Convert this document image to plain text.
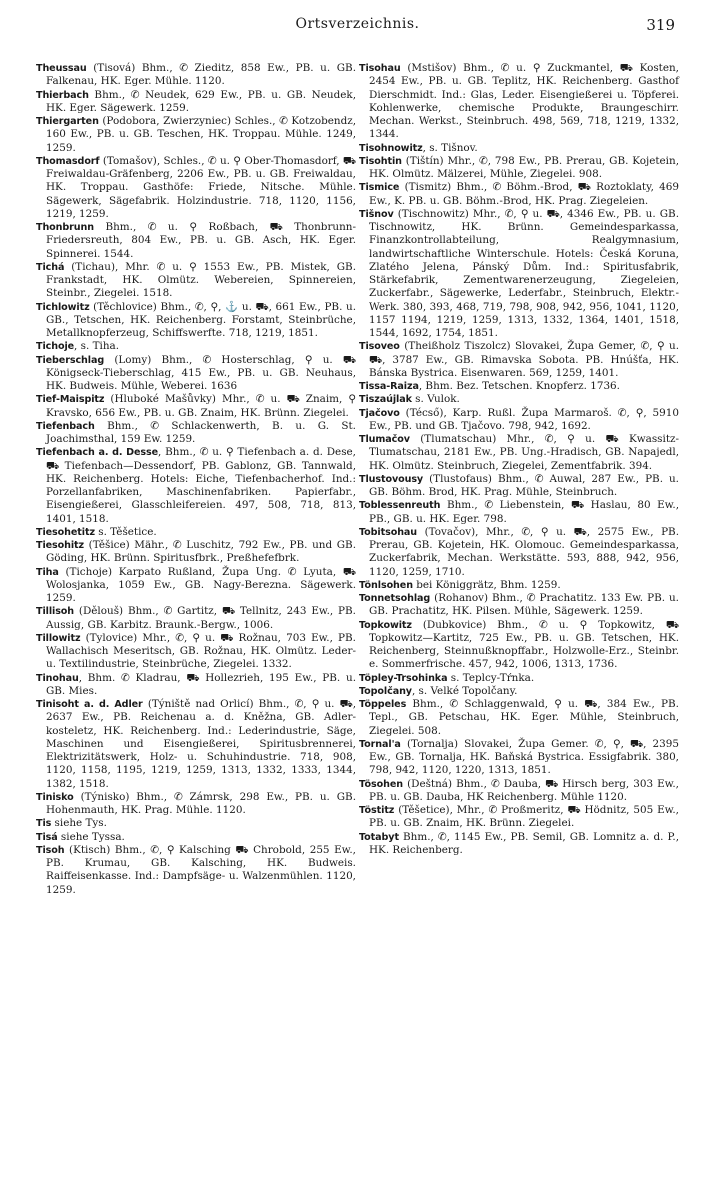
Ortsverzeichnis.	319

Theussau (Tisová) Bhm., ✆ Zieditz, 858 Ew., PB. u. GB. Falkenau, HK. Eger. Mühle. 1120.

Thierbach Bhm., ✆ Neudek, 629 Ew., PB. u. GB. Neudek, HK. Eger. Sägewerk. 1259.

Thiergarten (Podobora, Zwierzyniec) Schles., ✆ Kotzobendz, 160 Ew., PB. u. GB. Teschen, HK. Troppau. Mühle. 1249, 1259.

Thomasdorf (Tomašov), Schles., ✆ u. ⚲ Ober-Thomasdorf, ⛟ Freiwaldau-Gräfenberg, 2206 Ew., PB. u. GB. Freiwaldau, HK. Troppau. Gasthöfe: Friede, Nitsche. Mühle. Sägewerk, Sägefabrik. Holzindustrie. 718, 1120, 1156, 1219, 1259.

Thonbrunn Bhm., ✆ u. ⚲ Roßbach, ⛟ Thonbrunn-Friedersreuth, 804 Ew., PB. u. GB. Asch, HK. Eger. Spinnerei. 1544.

Tichá (Tichau), Mhr. ✆ u. ⚲ 1553 Ew., PB. Mistek, GB. Frankstadt, HK. Olmütz. Webereien, Spinnereien, Steinbr., Ziegelei. 1518.

Tichlowitz (Těchlovice) Bhm., ✆, ⚲, ⚓ u. ⛟, 661 Ew., PB. u. GB., Tetschen, HK. Reichenberg. Forstamt, Steinbrüche, Metallknopferzeug, Schiffswerfte. 718, 1219, 1851.

Tichoje, s. Tiha.

Tieberschlag (Lomy) Bhm., ✆ Hosterschlag, ⚲ u. ⛟ Königseck-Tieberschlag, 415 Ew., PB. u. GB. Neuhaus, HK. Budweis. Mühle, Weberei. 1636

Tief-Maispitz (Hluboké Mašůvky) Mhr., ✆ u. ⛟ Znaim, ⚲ Kravsko, 656 Ew., PB. u. GB. Znaim, HK. Brünn. Ziegelei.

Tiefenbach Bhm., ✆ Schlackenwerth, B. u. G. St. Joachimsthal, 159 Ew. 1259.

Tiefenbach a. d. Desse, Bhm., ✆ u. ⚲ Tiefenbach a. d. Dese, ⛟ Tiefenbach—Dessendorf, PB. Gablonz, GB. Tannwald, HK. Reichenberg. Hotels: Eiche, Tiefenbacherhof. Ind.: Porzellanfabriken, Maschinenfabriken. Papierfabr., Eisengießerei, Glasschleifereien. 497, 508, 718, 813, 1401, 1518.

Tiesohetitz s. Těšetice.

Tiesohitz (Těšice) Mähr., ✆ Luschitz, 792 Ew., PB. und GB. Göding, HK. Brünn. Spiritusfbrk., Preßhefefbrk.

Tiha (Tichoje) Karpato Rußland, Župa Ung. ✆ Lyuta, ⛟ Wolosjanka, 1059 Ew., GB. Nagy-Berezna. Sägewerk. 1259.

Tillisoh (Dělouš) Bhm., ✆ Gartitz, ⛟ Tellnitz, 243 Ew., PB. Aussig, GB. Karbitz. Braunk.-Bergw., 1006.

Tillowitz (Tylovice) Mhr., ✆, ⚲ u. ⛟ Rožnau, 703 Ew., PB. Wallachisch Meseritsch, GB. Rožnau, HK. Olmütz. Leder- u. Textilindustrie, Steinbrüche, Ziegelei. 1332.

Tinohau, Bhm. ✆ Kladrau, ⛟ Hollezrieh, 195 Ew., PB. u. GB. Mies.

Tinisoht a. d. Adler (Týniště nad Orlicí) Bhm., ✆, ⚲ u. ⛟, 2637 Ew., PB. Reichenau a. d. Kněžna, GB. Adler-kosteletz, HK. Reichenberg. Ind.: Lederindustrie, Säge, Maschinen und Eisengießerei, Spiritusbrennerei, Elektrizitätswerk, Holz- u. Schuhindustrie. 718, 908, 1120, 1158, 1195, 1219, 1259, 1313, 1332, 1333, 1344, 1382, 1518.

Tinisko (Týnisko) Bhm., ✆ Zámrsk, 298 Ew., PB. u. GB. Hohenmauth, HK. Prag. Mühle. 1120.

Tis siehe Tys.

Tisá siehe Tyssa.

Tisoh (Ktisch) Bhm., ✆, ⚲ Kalsching ⛟ Chrobold, 255 Ew., PB. Krumau, GB. Kalsching, HK. Budweis. Raiffeisenkasse. Ind.: Dampfsäge- u. Walzenmühlen. 1120, 1259.

Tisohau (Mstišov) Bhm., ✆ u. ⚲ Zuckmantel, ⛟ Kosten, 2454 Ew., PB. u. GB. Teplitz, HK. Reichenberg. Gasthof Dierschmidt. Ind.: Glas, Leder. Eisengießerei u. Töpferei. Kohlenwerke, chemische Produkte, Braungeschirr. Mechan. Werkst., Steinbruch. 498, 569, 718, 1219, 1332, 1344.

Tisohnowitz, s. Tišnov.

Tisohtin (Tištín) Mhr., ✆, 798 Ew., PB. Prerau, GB. Kojetein, HK. Olmütz. Mälzerei, Mühle, Ziegelei. 908.

Tismice (Tismitz) Bhm., ✆ Böhm.-Brod, ⛟ Roztoklaty, 469 Ew., K. PB. u. GB. Böhm.-Brod, HK. Prag. Ziegeleien.

Tišnov (Tischnowitz) Mhr., ✆, ⚲ u. ⛟, 4346 Ew., PB. u. GB. Tischnowitz, HK. Brünn. Gemeindesparkassa, Finanzkontrollabteilung, Realgymnasium, landwirtschaftliche Winterschule. Hotels: Česká Koruna, Zlatého Jelena, Pánský Dům. Ind.: Spiritusfabrik, Stärkefabrik, Zementwarenerzeugung, Ziegeleien, Zuckerfabr., Sägewerke, Lederfabr., Steinbruch, Elektr.-Werk. 380, 393, 468, 719, 798, 908, 942, 956, 1041, 1120, 1157 1194, 1219, 1259, 1313, 1332, 1364, 1401, 1518, 1544, 1692, 1754, 1851.

Tisoveo (Theißholz Tiszolcz) Slovakei, Župa Gemer, ✆, ⚲ u. ⛟, 3787 Ew., GB. Rimavska Sobota. PB. Hnúšťa, HK. Bánska Bystrica. Eisenwaren. 569, 1259, 1401.

Tissa-Raiza, Bhm. Bez. Tetschen. Knopferz. 1736.

Tiszaújlak s. Vulok.

Tjačovo (Técső), Karp. Rußl. Župa Marmaroš. ✆, ⚲, 5910 Ew., PB. und GB. Tjačovo. 798, 942, 1692.

Tlumačov (Tlumatschau) Mhr., ✆, ⚲ u. ⛟ Kwassitz-Tlumatschau, 2181 Ew., PB. Ung.-Hradisch, GB. Napajedl, HK. Olmütz. Steinbruch, Ziegelei, Zementfabrik. 394.

Tlustovousy (Tlustofaus) Bhm., ✆ Auwal, 287 Ew., PB. u. GB. Böhm. Brod, HK. Prag. Mühle, Steinbruch.

Toblessenreuth Bhm., ✆ Liebenstein, ⛟ Haslau, 80 Ew., PB., GB. u. HK. Eger. 798.

Tobitsohau (Tovačov), Mhr., ✆, ⚲ u. ⛟, 2575 Ew., PB. Prerau, GB. Kojetein, HK. Olomouc. Gemeindesparkassa, Zuckerfabrik, Mechan. Werkstätte. 593, 888, 942, 956, 1120, 1259, 1710.

Tönlsohen bei Königgrätz, Bhm. 1259.

Tonnetsohlag (Rohanov) Bhm., ✆ Prachatitz. 133 Ew. PB. u. GB. Prachatitz, HK. Pilsen. Mühle, Sägewerk. 1259.

Topkowitz (Dubkovice) Bhm., ✆ u. ⚲ Topkowitz, ⛟ Topkowitz—Kartitz, 725 Ew., PB. u. GB. Tetschen, HK. Reichenberg, Steinnußknopffabr., Holzwolle-Erz., Steinbr. e. Sommerfrische. 457, 942, 1006, 1313, 1736.

Töpley-Trsohinka s. Teplcy-Tŕnka.

Topolčany, s. Velké Topolčany.

Töppeles Bhm., ✆ Schlaggenwald, ⚲ u. ⛟, 384 Ew., PB. Tepl., GB. Petschau, HK. Eger. Mühle, Steinbruch, Ziegelei. 508.

Tornal'a (Tornalja) Slovakei, Župa Gemer. ✆, ⚲, ⛟, 2395 Ew., GB. Tornalja, HK. Baňská Bystrica. Essigfabrik. 380, 798, 942, 1120, 1220, 1313, 1851.

Tösohen (Deštná) Bhm., ✆ Dauba, ⛟ Hirsch berg, 303 Ew., PB. u. GB. Dauba, HK Reichenberg. Mühle 1120.

Töstitz (Těšetice), Mhr., ✆ Proßmeritz, ⛟ Hödnitz, 505 Ew., PB. u. GB. Znaim, HK. Brünn. Ziegelei.

Totabyt Bhm., ✆, 1145 Ew., PB. Semil, GB. Lomnitz a. d. P., HK. Reichenberg.
